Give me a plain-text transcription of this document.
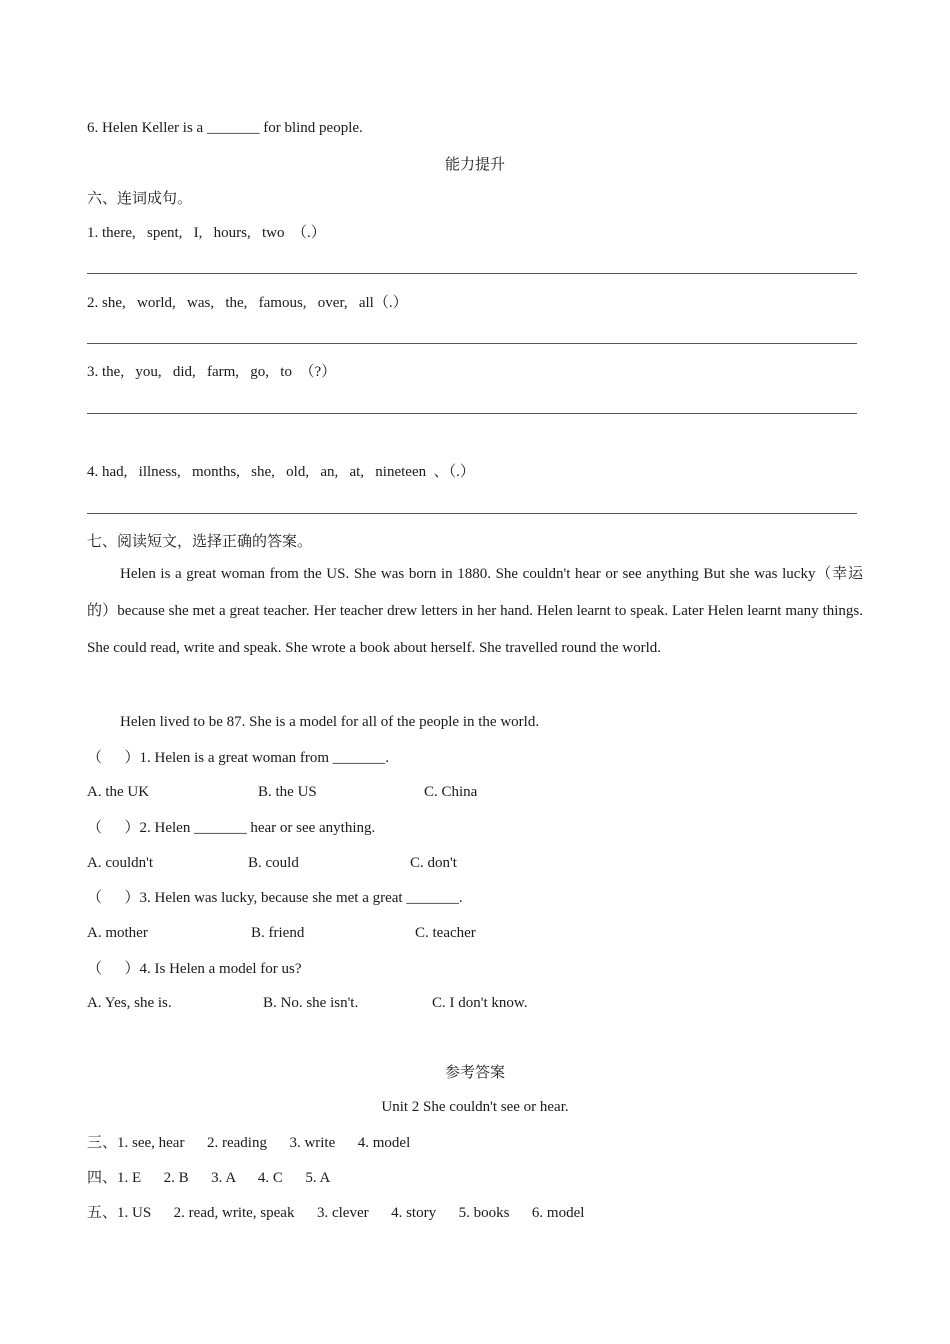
6. Helen Keller is a _______ for blind people.
能力提升
六、连词成句。
1. there,   spent,   I,   hours,   two  （.）
2. she,   world,   was,   the,   famous,   over,   all（.）
3. the,   you,   did,   farm,   go,   to  （?）
4. had,   illness,   months,   she,   old,   an,   at,   nineteen  、（.）
七、阅读短文，选择正确的答案。
Helen is a great woman from the US. She was born in 1880. She couldn't hear or see anything But she was lucky（幸运的）because she met a great teacher. Her teacher drew letters in her hand. Helen learnt to speak. Later Helen learnt many things. She could read, write and speak. She wrote a book about herself. She travelled round the world.
Helen lived to be 87. She is a model for all of the people in the world.
（      ）1. Helen is a great woman from _______.
A. the UK	B. the US	C. China
（      ）2. Helen _______ hear or see anything.
A. couldn't	B. could	C. don't
（      ）3. Helen was lucky, because she met a great _______.
A. mother	B. friend	C. teacher
（      ）4. Is Helen a model for us?
A. Yes, she is.	B. No. she isn't.	C. I don't know.
参考答案
Unit 2 She couldn't see or hear.
三、1. see, hear      2. reading      3. write      4. model
四、1. E      2. B      3. A      4. C      5. A
五、1. US      2. read, write, speak      3. clever      4. story      5. books      6. model
